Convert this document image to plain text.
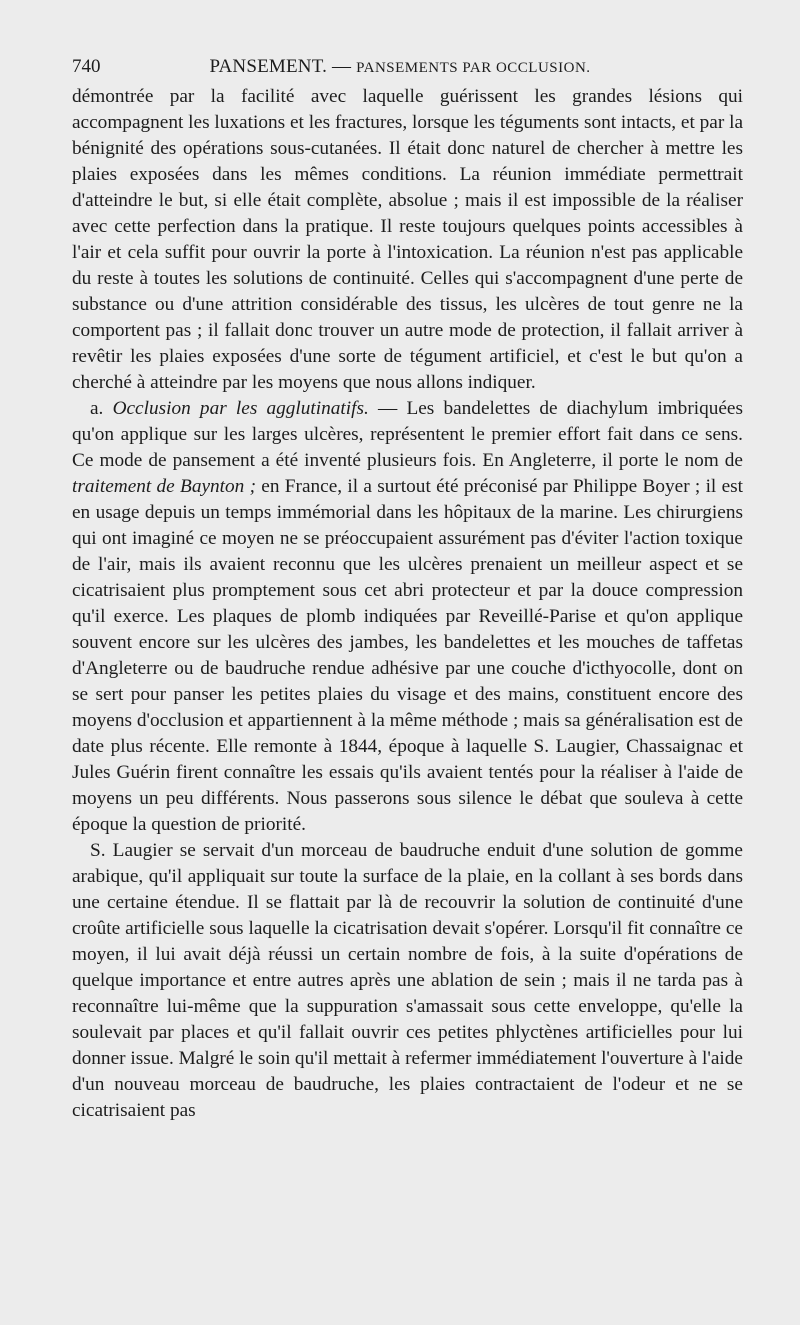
740	PANSEMENT. — PANSEMENTS PAR OCCLUSION.

démontrée par la facilité avec laquelle guérissent les grandes lésions qui accompagnent les luxations et les fractures, lorsque les téguments sont intacts, et par la bénignité des opérations sous-cutanées. Il était donc naturel de chercher à mettre les plaies exposées dans les mêmes conditions. La réunion immédiate permettrait d'atteindre le but, si elle était complète, absolue ; mais il est impossible de la réaliser avec cette perfection dans la pratique. Il reste toujours quelques points accessibles à l'air et cela suffit pour ouvrir la porte à l'intoxication. La réunion n'est pas applicable du reste à toutes les solutions de continuité. Celles qui s'accompagnent d'une perte de substance ou d'une attrition considérable des tissus, les ulcères de tout genre ne la comportent pas ; il fallait donc trouver un autre mode de protection, il fallait arriver à revêtir les plaies exposées d'une sorte de tégument artificiel, et c'est le but qu'on a cherché à atteindre par les moyens que nous allons indiquer.

a. Occlusion par les agglutinatifs. — Les bandelettes de diachylum imbriquées qu'on applique sur les larges ulcères, représentent le premier effort fait dans ce sens. Ce mode de pansement a été inventé plusieurs fois. En Angleterre, il porte le nom de traitement de Baynton ; en France, il a surtout été préconisé par Philippe Boyer ; il est en usage depuis un temps immémorial dans les hôpitaux de la marine. Les chirurgiens qui ont imaginé ce moyen ne se préoccupaient assurément pas d'éviter l'action toxique de l'air, mais ils avaient reconnu que les ulcères prenaient un meilleur aspect et se cicatrisaient plus promptement sous cet abri protecteur et par la douce compression qu'il exerce. Les plaques de plomb indiquées par Reveillé-Parise et qu'on applique souvent encore sur les ulcères des jambes, les bandelettes et les mouches de taffetas d'Angleterre ou de baudruche rendue adhésive par une couche d'icthyocolle, dont on se sert pour panser les petites plaies du visage et des mains, constituent encore des moyens d'occlusion et appartiennent à la même méthode ; mais sa généralisation est de date plus récente. Elle remonte à 1844, époque à laquelle S. Laugier, Chassaignac et Jules Guérin firent connaître les essais qu'ils avaient tentés pour la réaliser à l'aide de moyens un peu différents. Nous passerons sous silence le débat que souleva à cette époque la question de priorité.

S. Laugier se servait d'un morceau de baudruche enduit d'une solution de gomme arabique, qu'il appliquait sur toute la surface de la plaie, en la collant à ses bords dans une certaine étendue. Il se flattait par là de recouvrir la solution de continuité d'une croûte artificielle sous laquelle la cicatrisation devait s'opérer. Lorsqu'il fit connaître ce moyen, il lui avait déjà réussi un certain nombre de fois, à la suite d'opérations de quelque importance et entre autres après une ablation de sein ; mais il ne tarda pas à reconnaître lui-même que la suppuration s'amassait sous cette enveloppe, qu'elle la soulevait par places et qu'il fallait ouvrir ces petites phlyctènes artificielles pour lui donner issue. Malgré le soin qu'il mettait à refermer immédiatement l'ouverture à l'aide d'un nouveau morceau de baudruche, les plaies contractaient de l'odeur et ne se cicatrisaient pas
